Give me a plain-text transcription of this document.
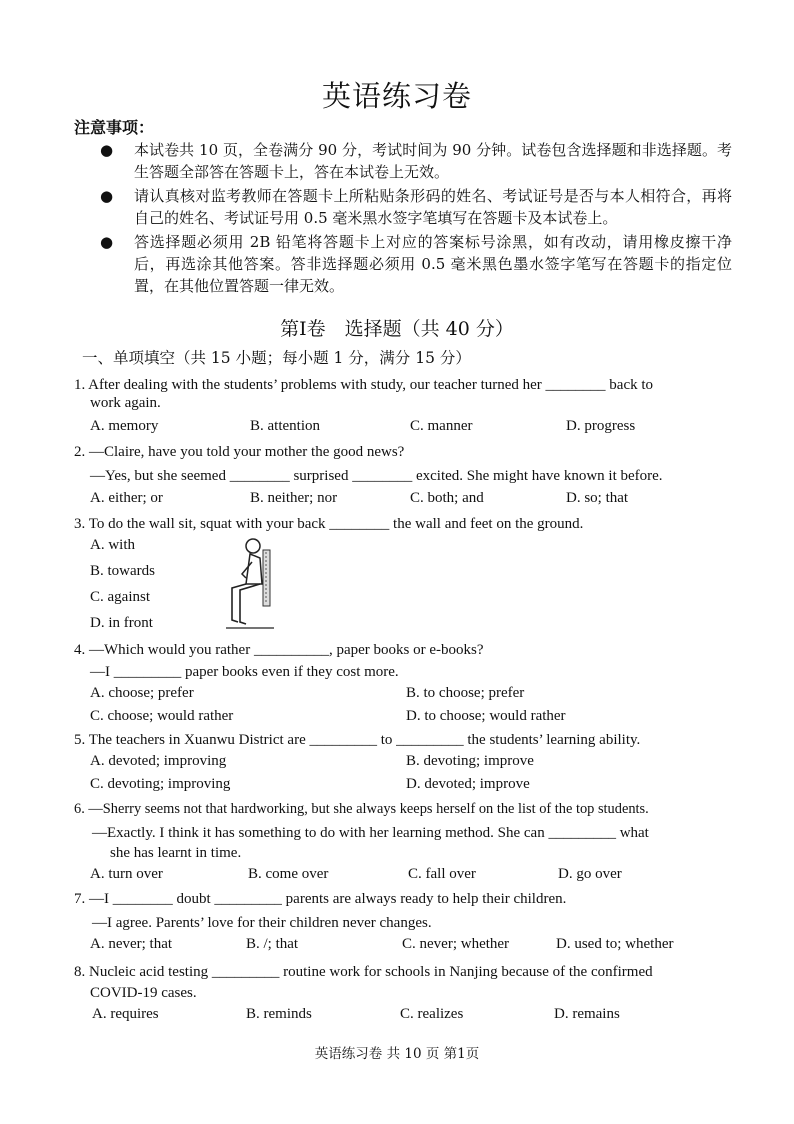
英语练习卷
注意事项：
● 本试卷共 10 页，全卷满分 90 分，考试时间为 90 分钟。试卷包含选择题和非选择题。考生答题全部答在答题卡上，答在本试卷上无效。
● 请认真核对监考教师在答题卡上所粘贴条形码的姓名、考试证号是否与本人相符合，再将自己的姓名、考试证号用 0.5 毫米黑水签字笔填写在答题卡及本试卷上。
● 答选择题必须用 2B 铅笔将答题卡上对应的答案标号涂黑，如有改动，请用橡皮擦干净后，再选涂其他答案。答非选择题必须用 0.5 毫米黑色墨水签字笔写在答题卡的指定位置，在其他位置答题一律无效。
第I卷　选择题（共 40 分）
一、单项填空（共 15 小题；每小题 1 分，满分 15 分）
1. After dealing with the students’ problems with study, our teacher turned her ________ back to
work again.
A. memory	B. attention	C. manner	D. progress
2. —Claire, have you told your mother the good news?
—Yes, but she seemed ________ surprised ________ excited. She might have known it before.
A. either; or	B. neither; nor	C. both; and	D. so; that
3. To do the wall sit, squat with your back ________ the wall and feet on the ground.
A. with
B. towards
C. against
D. in front
4. —Which would you rather __________, paper books or e-books?
—I _________ paper books even if they cost more.
A. choose; prefer	B. to choose; prefer
C. choose; would rather	D. to choose; would rather
5. The teachers in Xuanwu District are _________ to _________ the students’ learning ability.
A. devoted; improving	B. devoting; improve
C. devoting; improving	D. devoted; improve
6. —Sherry seems not that hardworking, but she always keeps herself on the list of the top students.
—Exactly. I think it has something to do with her learning method. She can _________ what
she has learnt in time.
A. turn over	B. come over	C. fall over	D. go over
7. —I ________ doubt _________ parents are always ready to help their children.
—I agree. Parents’ love for their children never changes.
A. never; that	B. /; that	C. never; whether	D. used to; whether
8. Nucleic acid testing _________ routine work for schools in Nanjing because of the confirmed
COVID-19 cases.
A. requires	B. reminds	C. realizes	D. remains
英语练习卷 共 10 页 第1页
